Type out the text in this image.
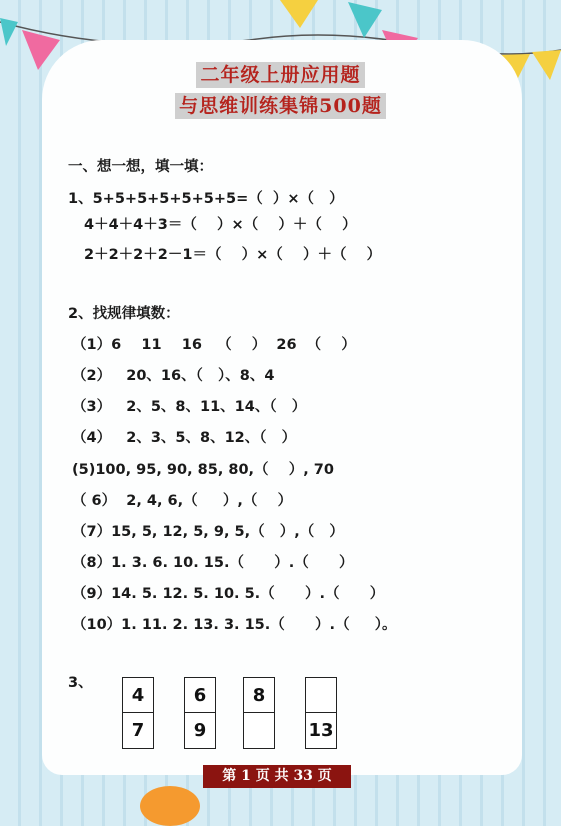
二年级上册应用题
与思维训练集锦500题
一、想一想，填一填：
1、5+5+5+5+5+5+5=（  ）×（   ）
4＋4＋4＋3＝（    ）×（    ）＋（    ）
2＋2＋2＋2－1＝（    ）×（    ）＋（    ）
2、找规律填数：
（1）6    11    16   （    ）  26  （    ）
（2）   20、16、（   ）、8、4
（3）   2、5、8、11、14、（   ）
（4）   2、3、5、8、12、（   ）
(5)100, 95, 90, 85, 80,（    ）, 70
（ 6）  2, 4, 6,（     ）,（    ）
（7）15, 5, 12, 5, 9, 5,（   ）,（   ）
（8）1. 3. 6. 10. 15.（      ）.（      ）
（9）14. 5. 12. 5. 10. 5.（      ）.（      ）
（10）1. 11. 2. 13. 3. 15.（      ）.（     ）。
3、
4
7
6
9
8
13
第 1 页 共 33 页
